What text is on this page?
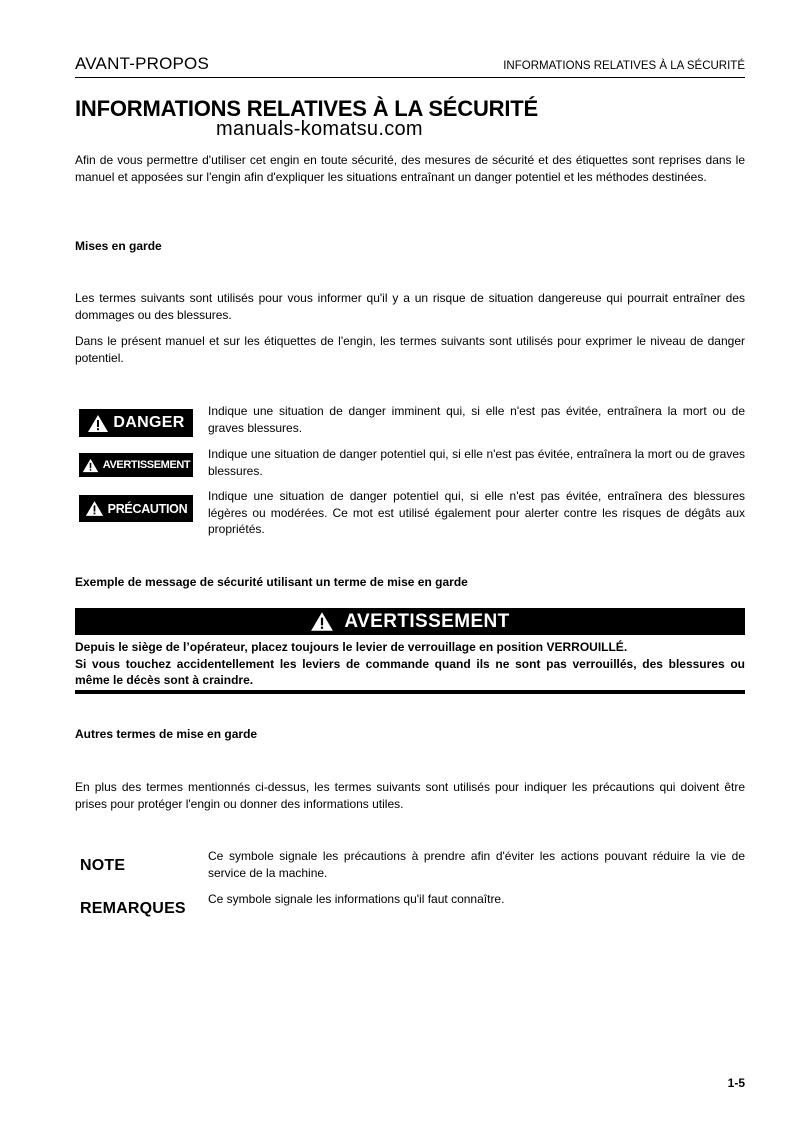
AVANT-PROPOS	INFORMATIONS RELATIVES À LA SÉCURITÉ
INFORMATIONS RELATIVES À LA SÉCURITÉ
manuals-komatsu.com
Afin de vous permettre d'utiliser cet engin en toute sécurité, des mesures de sécurité et des étiquettes sont reprises dans le manuel et apposées sur l'engin afin d'expliquer les situations entraînant un danger potentiel et les méthodes destinées.
Mises en garde
Les termes suivants sont utilisés pour vous informer qu'il y a un risque de situation dangereuse qui pourrait entraîner des dommages ou des blessures.
Dans le présent manuel et sur les étiquettes de l'engin, les termes suivants sont utilisés pour exprimer le niveau de danger potentiel.
DANGER
Indique une situation de danger imminent qui, si elle n'est pas évitée, entraînera la mort ou de graves blessures.
AVERTISSEMENT
Indique une situation de danger potentiel qui, si elle n'est pas évitée, entraînera la mort ou de graves blessures.
PRÉCAUTION
Indique une situation de danger potentiel qui, si elle n'est pas évitée, entraînera des blessures légères ou modérées. Ce mot est utilisé également pour alerter contre les risques de dégâts aux propriétés.
Exemple de message de sécurité utilisant un terme de mise en garde
AVERTISSEMENT
Depuis le siège de l’opérateur, placez toujours le levier de verrouillage en position VERROUILLÉ.
Si vous touchez accidentellement les leviers de commande quand ils ne sont pas verrouillés, des blessures ou même le décès sont à craindre.
Autres termes de mise en garde
En plus des termes mentionnés ci-dessus, les termes suivants sont utilisés pour indiquer les précautions qui doivent être prises pour protéger l'engin ou donner des informations utiles.
NOTE
Ce symbole signale les précautions à prendre afin d'éviter les actions pouvant réduire la vie de service de la machine.
REMARQUES
Ce symbole signale les informations qu'il faut connaître.
1-5
